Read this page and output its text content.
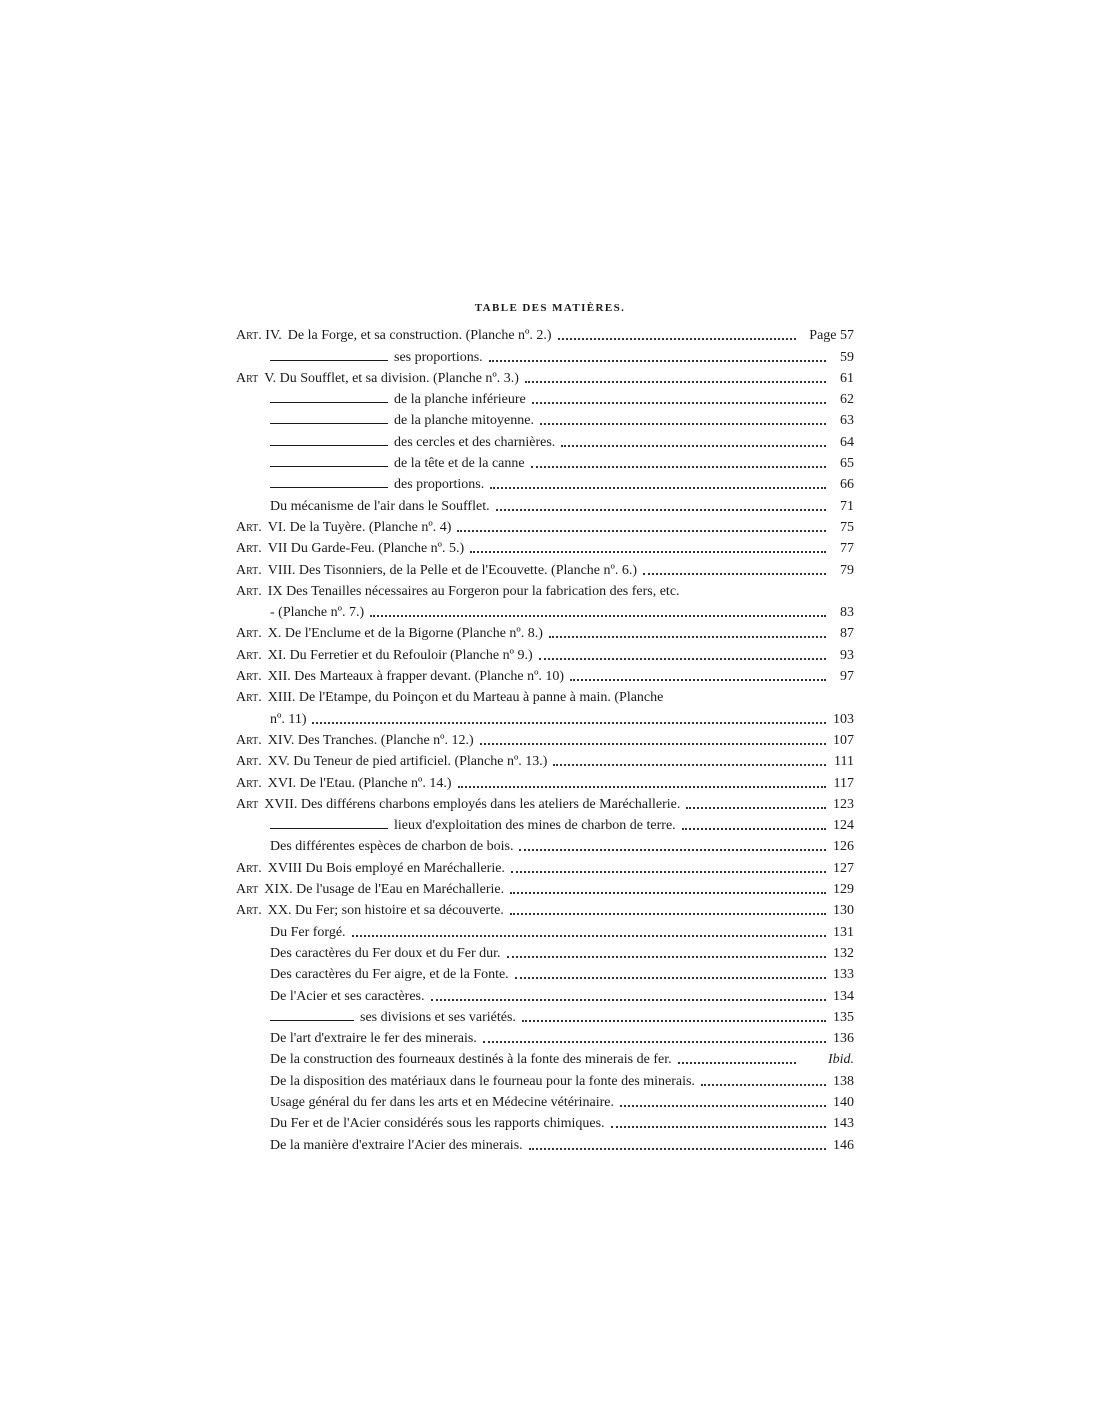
TABLE DES MATIÈRES.
Art. IV. De la Forge, et sa construction. (Planche nº. 2.)	Page 57
ses proportions.	59
Art V. Du Soufflet, et sa division. (Planche nº. 3.)	61
de la planche inférieure	62
de la planche mitoyenne.	63
des cercles et des charnières.	64
de la tête et de la canne	65
des proportions.	66
Du mécanisme de l'air dans le Soufflet.	71
Art. VI. De la Tuyère. (Planche nº. 4)	75
Art. VII Du Garde-Feu. (Planche nº. 5.)	77
Art. VIII. Des Tisonniers, de la Pelle et de l'Écouvette. (Planche nº. 6.)	79
Art. IX Des Tenailles nécessaires au Forgeron pour la fabrication des fers, etc.
- (Planche nº. 7.)	83
Art. X. De l'Enclume et de la Bigorne (Planche nº. 8.)	87
Art. XI. Du Ferretier et du Refouloir (Planche nº 9.)	93
Art. XII. Des Marteaux à frapper devant. (Planche nº. 10)	97
Art. XIII. De l'Étampe, du Poinçon et du Marteau à panne à main. (Planche
nº. 11)	103
Art. XIV. Des Tranches. (Planche nº. 12.)	107
Art. XV. Du Teneur de pied artificiel. (Planche nº. 13.)	111
Art. XVI. De l'Étau. (Planche nº. 14.)	117
Art XVII. Des différens charbons employés dans les ateliers de Maréchallerie.	123
lieux d'exploitation des mines de charbon de terre.	124
Des différentes espèces de charbon de bois.	126
Art. XVIII Du Bois employé en Maréchallerie.	127
Art XIX. De l'usage de l'Eau en Maréchallerie.	129
Art. XX. Du Fer; son histoire et sa découverte.	130
Du Fer forgé.	131
Des caractères du Fer doux et du Fer dur.	132
Des caractères du Fer aigre, et de la Fonte.	133
De l'Acier et ses caractères.	134
ses divisions et ses variétés.	135
De l'art d'extraire le fer des minerais.	136
De la construction des fourneaux destinés à la fonte des minerais de fer.	Ibid.
De la disposition des matériaux dans le fourneau pour la fonte des minerais.	138
Usage général du fer dans les arts et en Médecine vétérinaire.	140
Du Fer et de l'Acier considérés sous les rapports chimiques.	143
De la manière d'extraire l'Acier des minerais.	146
